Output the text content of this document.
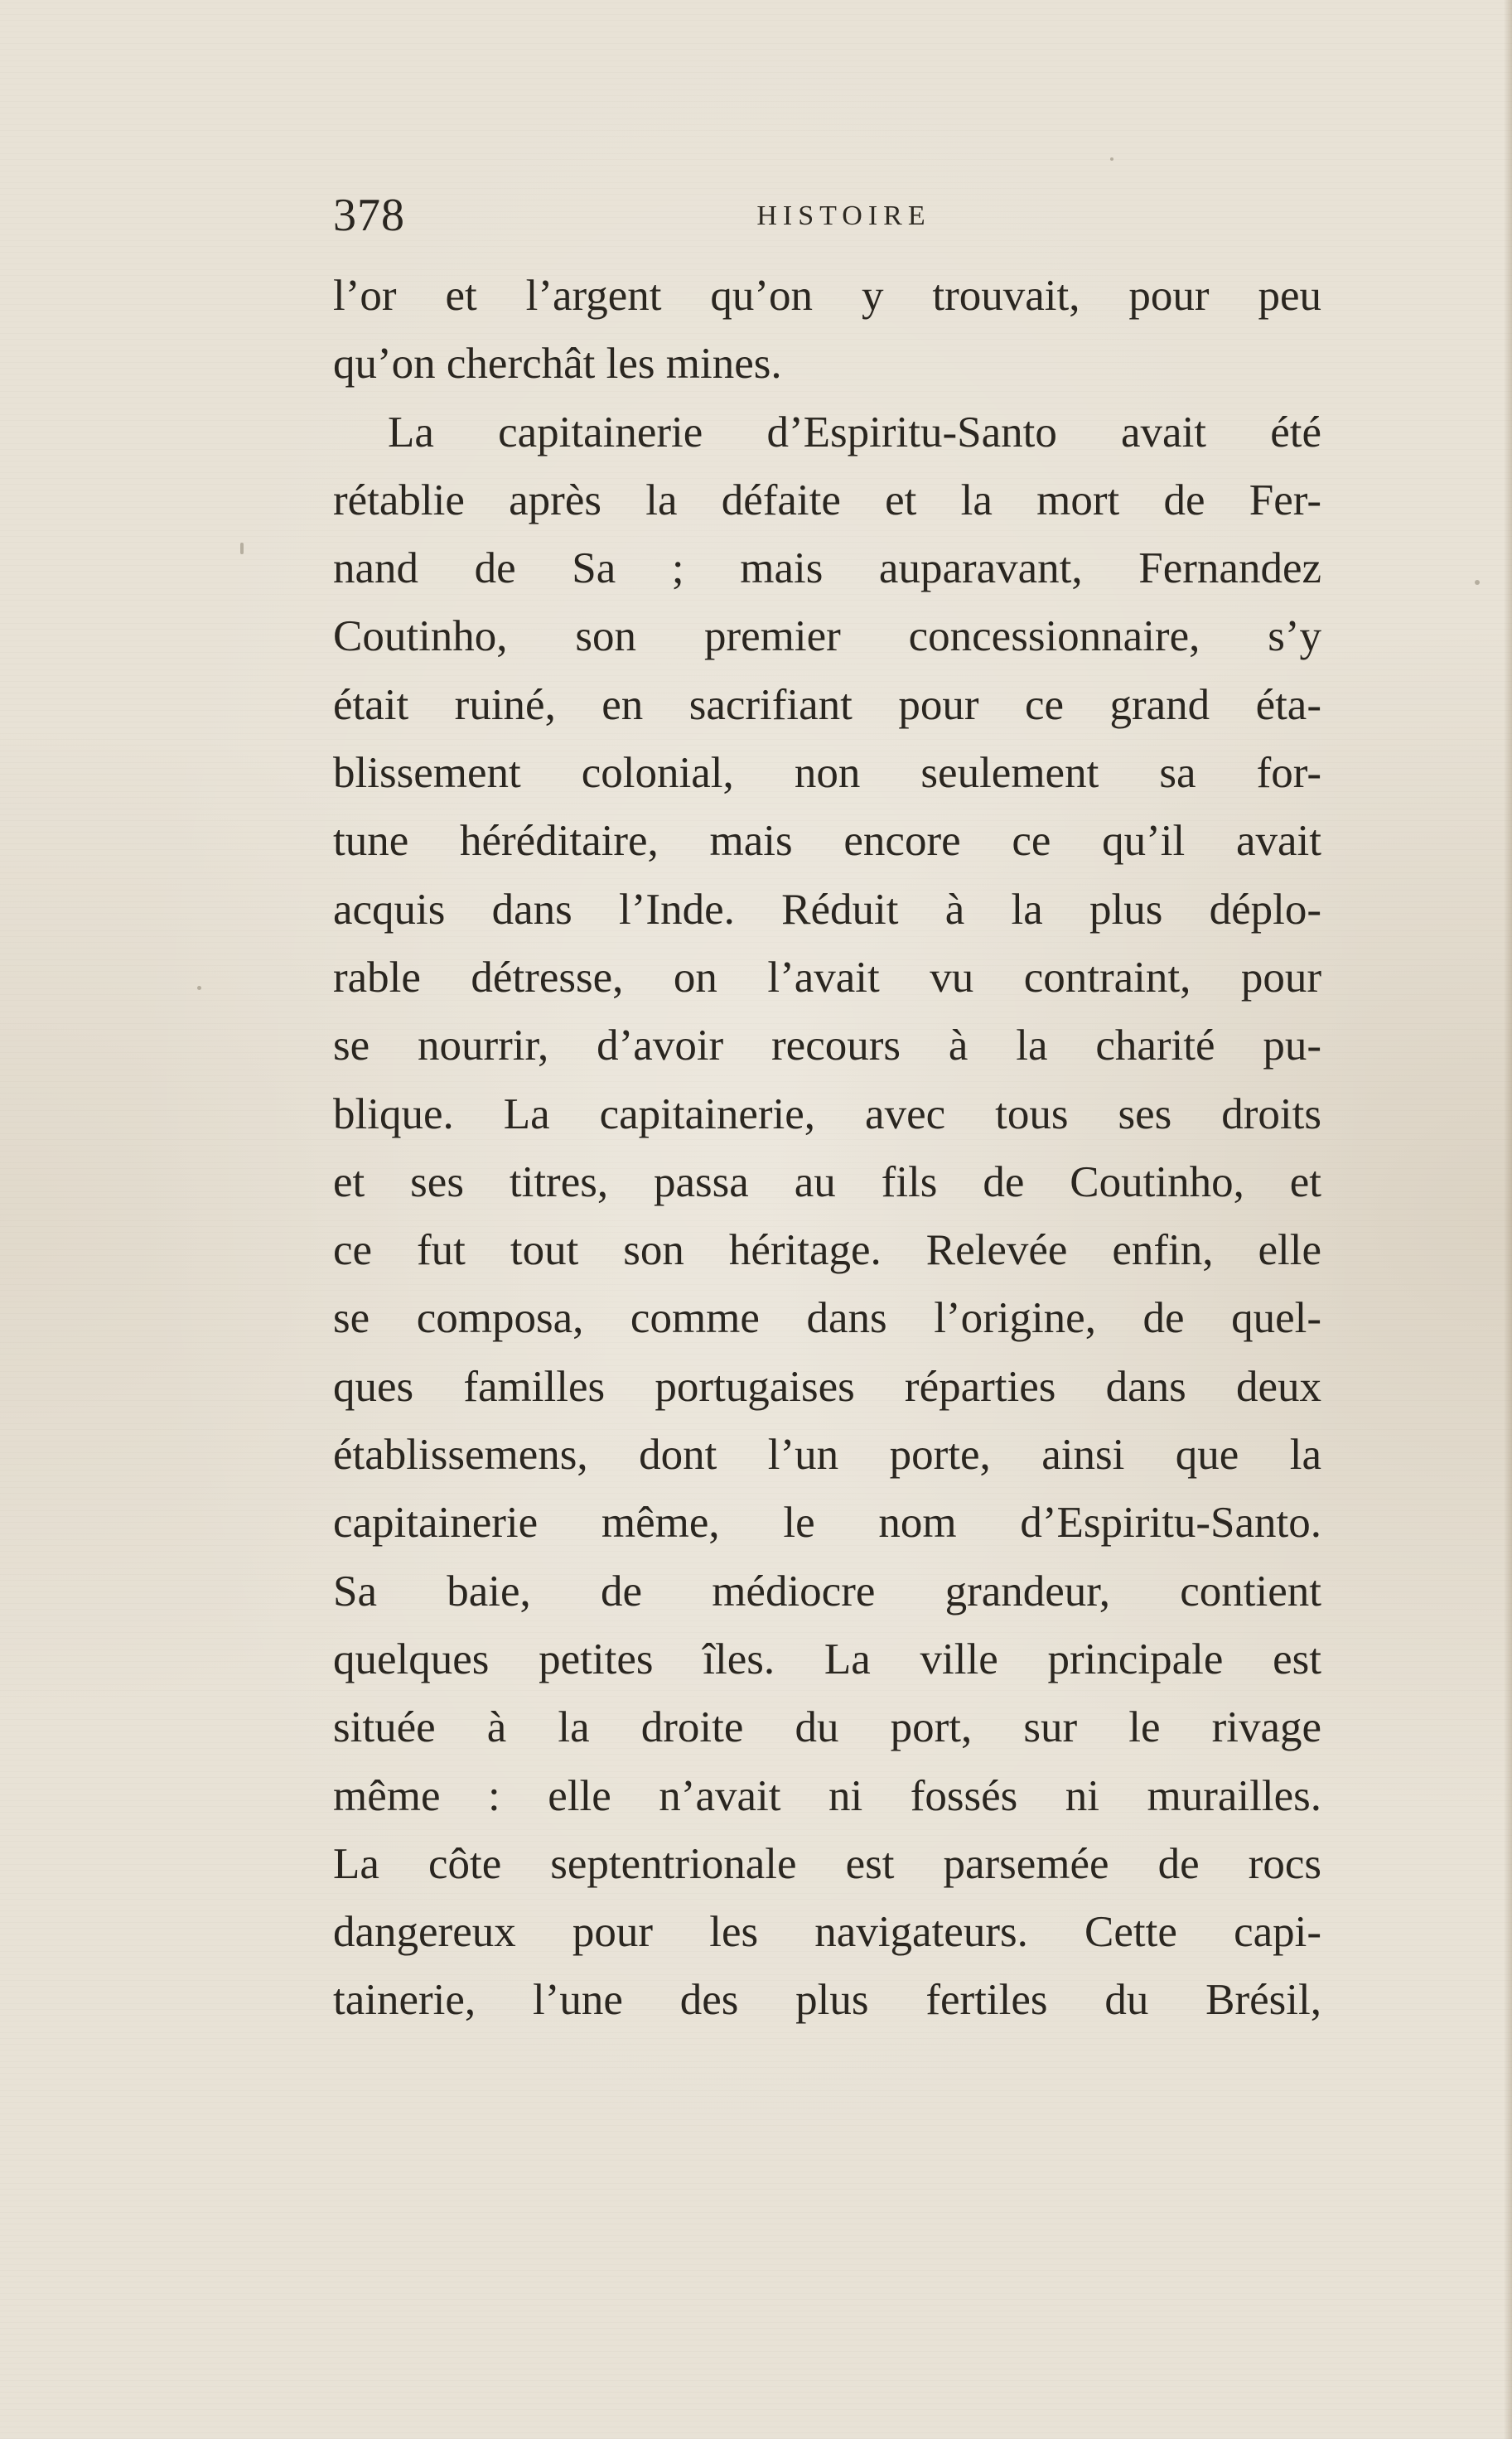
378	HISTOIRE
l’or et l’argent qu’on y trouvait, pour peu
qu’on cherchât les mines.
La capitainerie d’Espiritu-Santo avait été
rétablie après la défaite et la mort de Fer-
nand de Sa ; mais auparavant, Fernandez
Coutinho, son premier concessionnaire, s’y
était ruiné, en sacrifiant pour ce grand éta-
blissement colonial, non seulement sa for-
tune héréditaire, mais encore ce qu’il avait
acquis dans l’Inde. Réduit à la plus déplo-
rable détresse, on l’avait vu contraint, pour
se nourrir, d’avoir recours à la charité pu-
blique. La capitainerie, avec tous ses droits
et ses titres, passa au fils de Coutinho, et
ce fut tout son héritage. Relevée enfin, elle
se composa, comme dans l’origine, de quel-
ques familles portugaises réparties dans deux
établissemens, dont l’un porte, ainsi que la
capitainerie même, le nom d’Espiritu-Santo.
Sa baie, de médiocre grandeur, contient
quelques petites îles. La ville principale est
située à la droite du port, sur le rivage
même : elle n’avait ni fossés ni murailles.
La côte septentrionale est parsemée de rocs
dangereux pour les navigateurs. Cette capi-
tainerie, l’une des plus fertiles du Brésil,
